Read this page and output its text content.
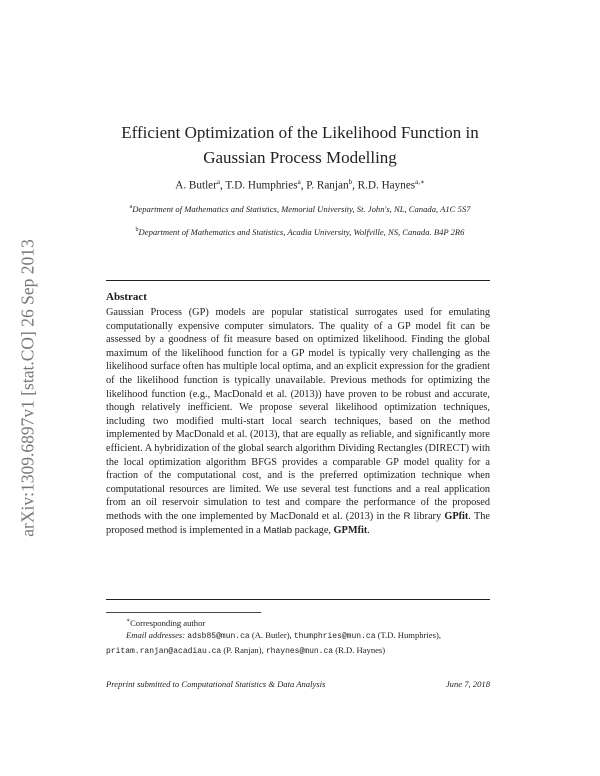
arXiv:1309.6897v1 [stat.CO] 26 Sep 2013
Efficient Optimization of the Likelihood Function in
Gaussian Process Modelling
A. Butler$^a$, T.D. Humphries$^a$, P. Ranjan$^b$, R.D. Haynes$^{a,∗}$
$^a$Department of Mathematics and Statistics, Memorial University, St. John's, NL, Canada, A1C 5S7
$^b$Department of Mathematics and Statistics, Acadia University, Wolfville, NS, Canada. B4P 2R6
Abstract
Gaussian Process (GP) models are popular statistical surrogates used for emulating computationally expensive computer simulators. The quality of a GP model fit can be assessed by a goodness of fit measure based on optimized likelihood. Finding the global maximum of the likelihood function for a GP model is typically very challenging as the likelihood surface often has multiple local optima, and an explicit expression for the gradient of the likelihood function is typically unavailable. Previous methods for optimizing the likelihood function (e.g., MacDonald et al. (2013)) have proven to be robust and accurate, though relatively inefficient. We propose several likelihood optimization techniques, including two modified multi-start local search techniques, based on the method implemented by MacDonald et al. (2013), that are equally as reliable, and significantly more efficient. A hybridization of the global search algorithm Dividing Rectangles (DIRECT) with the local optimization algorithm BFGS provides a comparable GP model quality for a fraction of the computational cost, and is the preferred optimization technique when computational resources are limited. We use several test functions and a real application from an oil reservoir simulation to test and compare the performance of the proposed methods with the one implemented by MacDonald et al. (2013) in the R library GPfit. The proposed method is implemented in a Matlab package, GPMfit.
∗Corresponding author
Email addresses: adsb85@mun.ca (A. Butler), thumphries@mun.ca (T.D. Humphries), pritam.ranjan@acadiau.ca (P. Ranjan), rhaynes@mun.ca (R.D. Haynes)
Preprint submitted to Computational Statistics & Data Analysis	June 7, 2018
